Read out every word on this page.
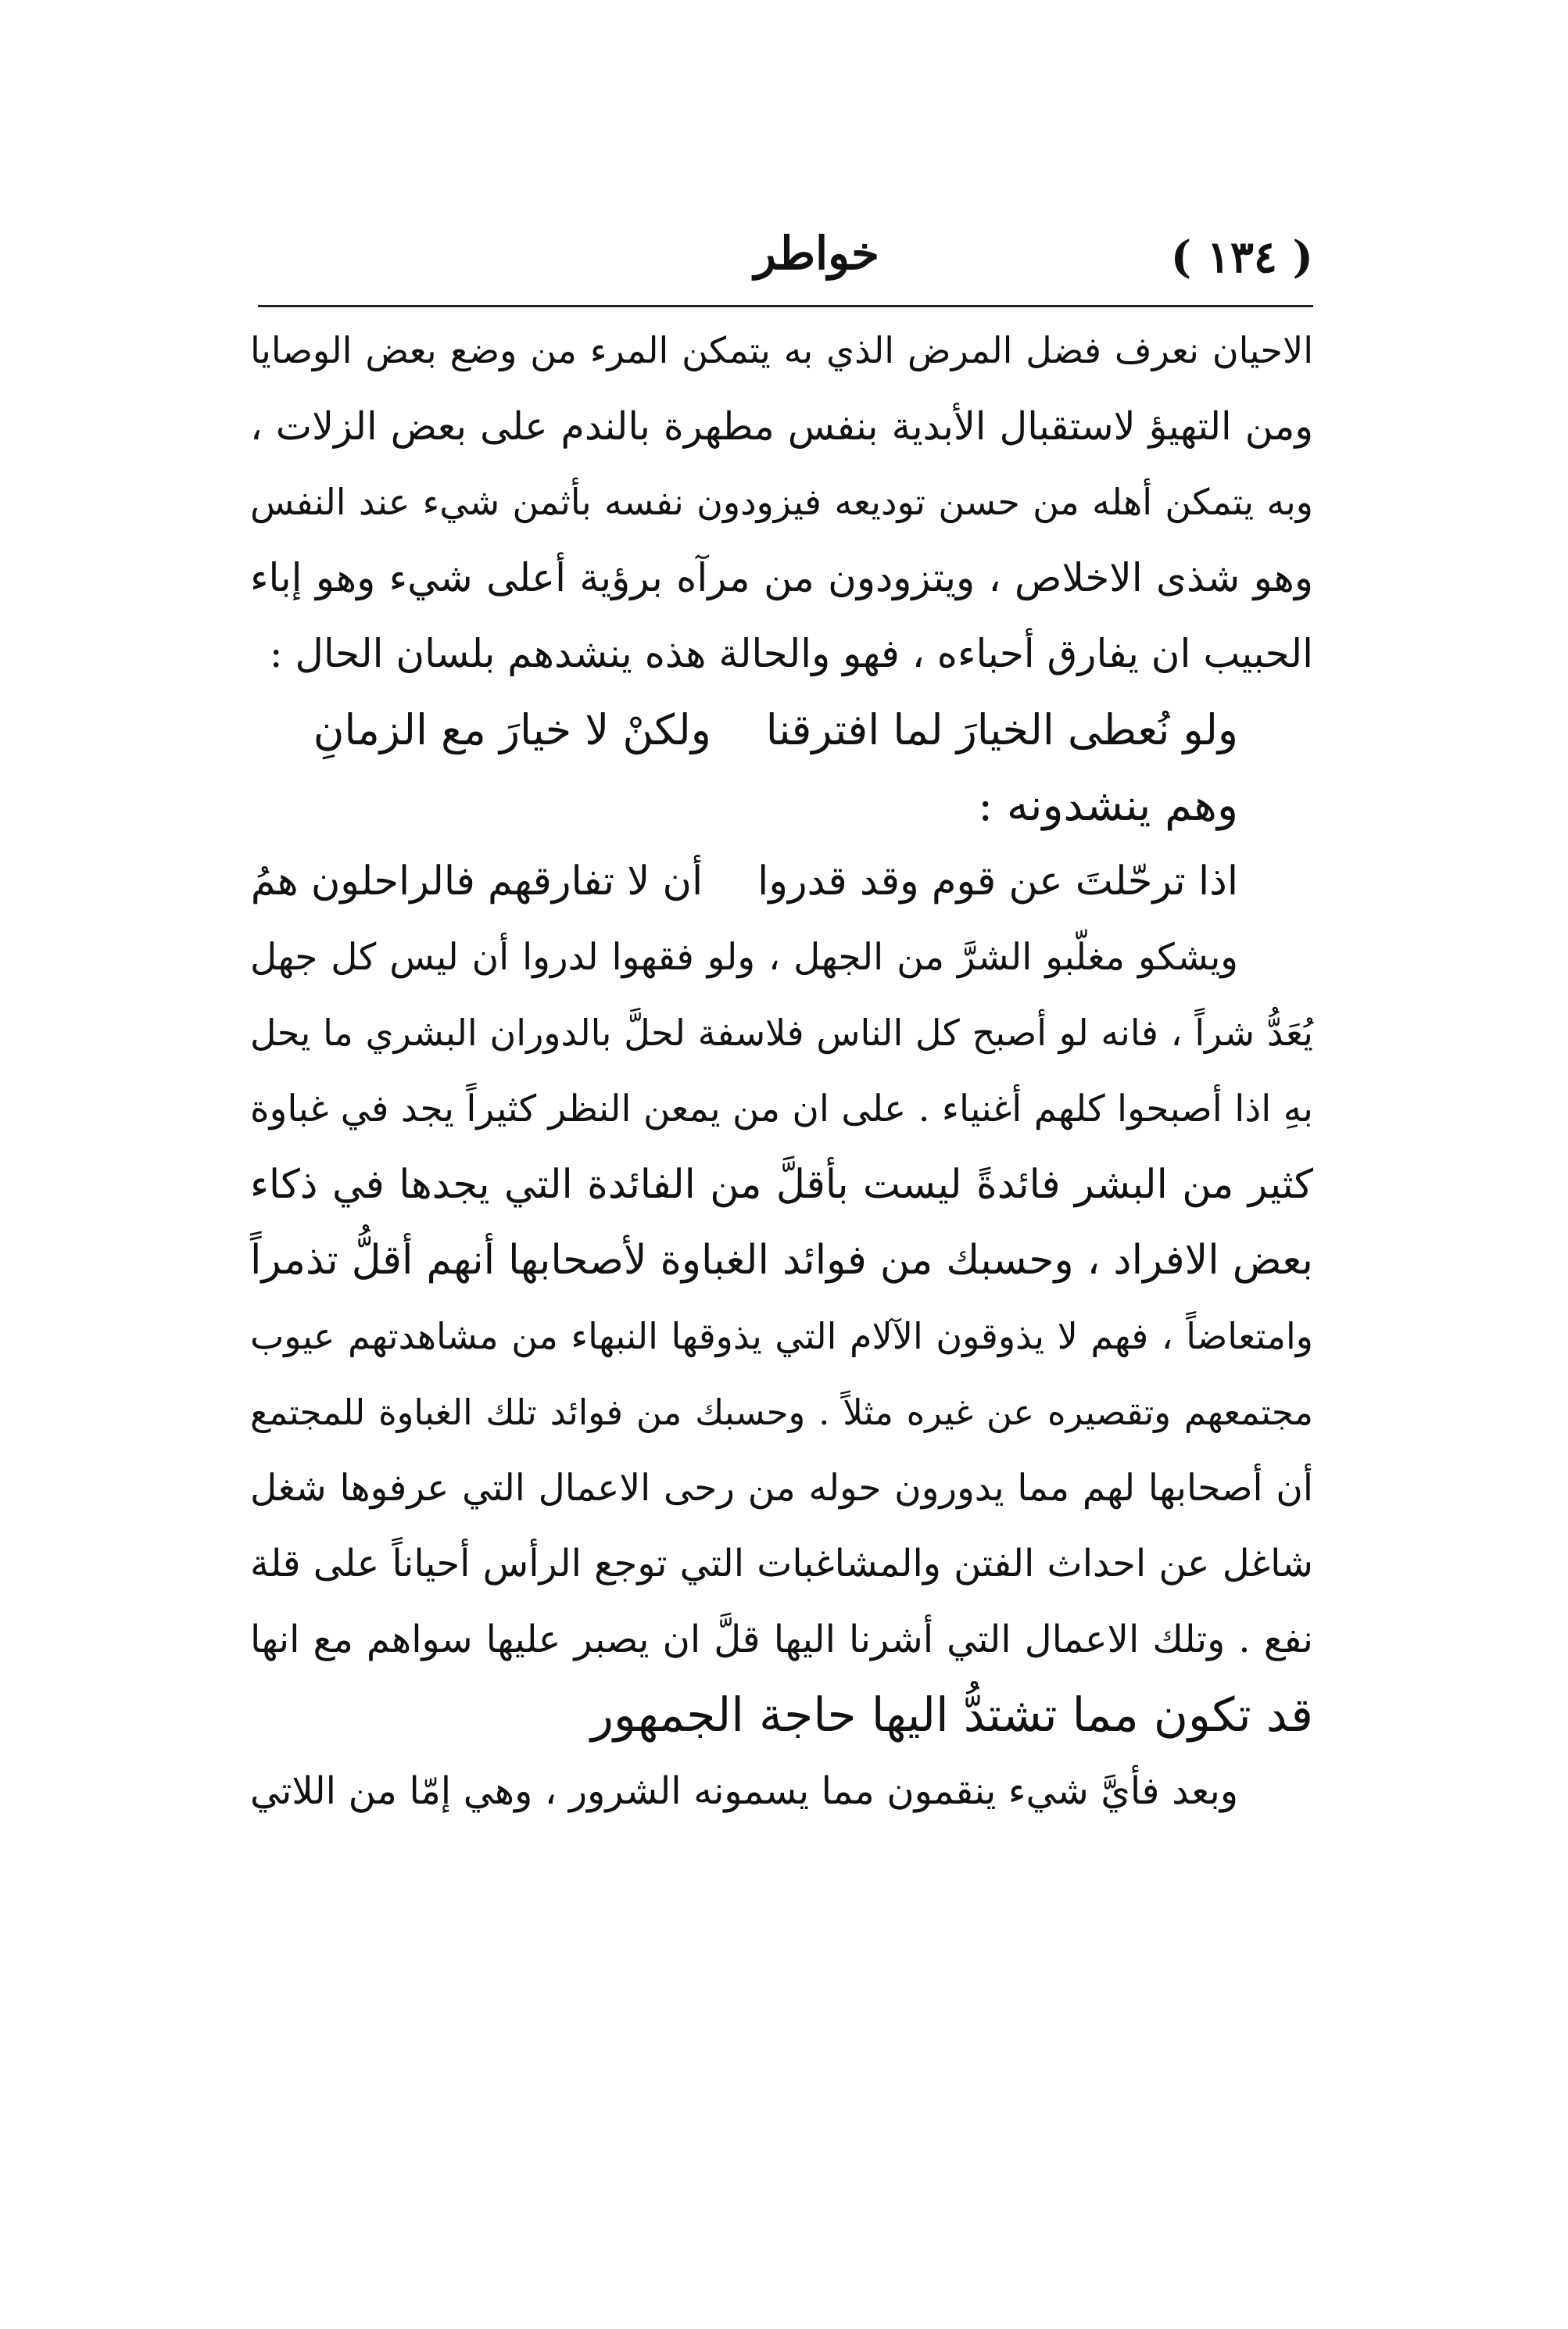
( ١٣٤ )
خواطر
الاحيان نعرف فضل المرض الذي به يتمكن المرء من وضع بعض الوصايا
ومن التهيؤ لاستقبال الأبدية بنفس مطهرة بالندم على بعض الزلات ،
وبه يتمكن أهله من حسن توديعه فيزودون نفسه بأثمن شيء عند النفس
وهو شذى الاخلاص ، ويتزودون من مرآه برؤية أعلى شيء وهو إباء
الحبيب ان يفارق أحباءه ، فهو والحالة هذه ينشدهم بلسان الحال :
ولو نُعطى الخيارَ لما افترقناولكنْ لا خيارَ مع الزمانِ
وهم ينشدونه :
اذا ترحّلتَ عن قوم وقد قدرواأن لا تفارقهم فالراحلون همُ
ويشكو مغلّبو الشرَّ من الجهل ، ولو فقهوا لدروا أن ليس كل جهل
يُعَدُّ شراً ، فانه لو أصبح كل الناس فلاسفة لحلَّ بالدوران البشري ما يحل
بهِ اذا أصبحوا كلهم أغنياء . على ان من يمعن النظر كثيراً يجد في غباوة
كثير من البشر فائدةً ليست بأقلَّ من الفائدة التي يجدها في ذكاء
بعض الافراد ، وحسبك من فوائد الغباوة لأصحابها أنهم أقلُّ تذمراً
وامتعاضاً ، فهم لا يذوقون الآلام التي يذوقها النبهاء من مشاهدتهم عيوب
مجتمعهم وتقصيره عن غيره مثلاً . وحسبك من فوائد تلك الغباوة للمجتمع
أن أصحابها لهم مما يدورون حوله من رحى الاعمال التي عرفوها شغل
شاغل عن احداث الفتن والمشاغبات التي توجع الرأس أحياناً على قلة
نفع . وتلك الاعمال التي أشرنا اليها قلَّ ان يصبر عليها سواهم مع انها
قد تكون مما تشتدُّ اليها حاجة الجمهور
وبعد فأيَّ شيء ينقمون مما يسمونه الشرور ، وهي إمّا من اللاتي
